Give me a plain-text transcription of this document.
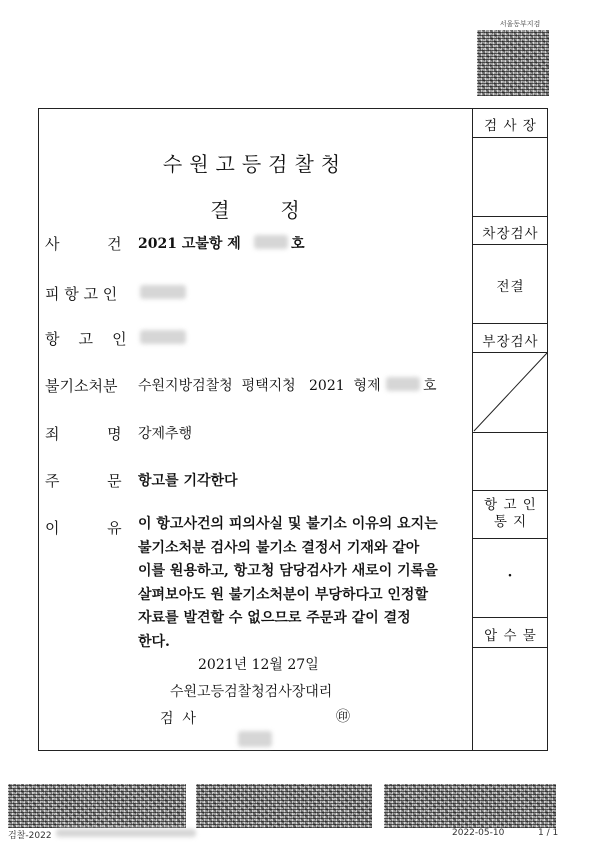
서울동부지검
검 사 장
차장검사
전결
부장검사
항 고 인
통 지
·
압 수 물
수원고등검찰청
결        정
사          건 2021 고불항 제	호
피 항 고 인
항    고    인
불기소처분 수원지방검찰청  평택지청   2021  형제	호
죄          명 강제추행
주          문 항고를 기각한다
이          유 이 항고사건의 피의사실 및 불기소 이유의 요지는
불기소처분 검사의 불기소 결정서 기재와 같아
이를 원용하고, 항고청 담당검사가 새로이 기록을
살펴보아도 원 불기소처분이 부당하다고 인정할
자료를 발견할 수 없으므로 주문과 같이 결정
한다.
2021년 12월 27일
수원고등검찰청검사장대리
검  사	㊞
검찰-2022	2022-05-10	1 / 1
